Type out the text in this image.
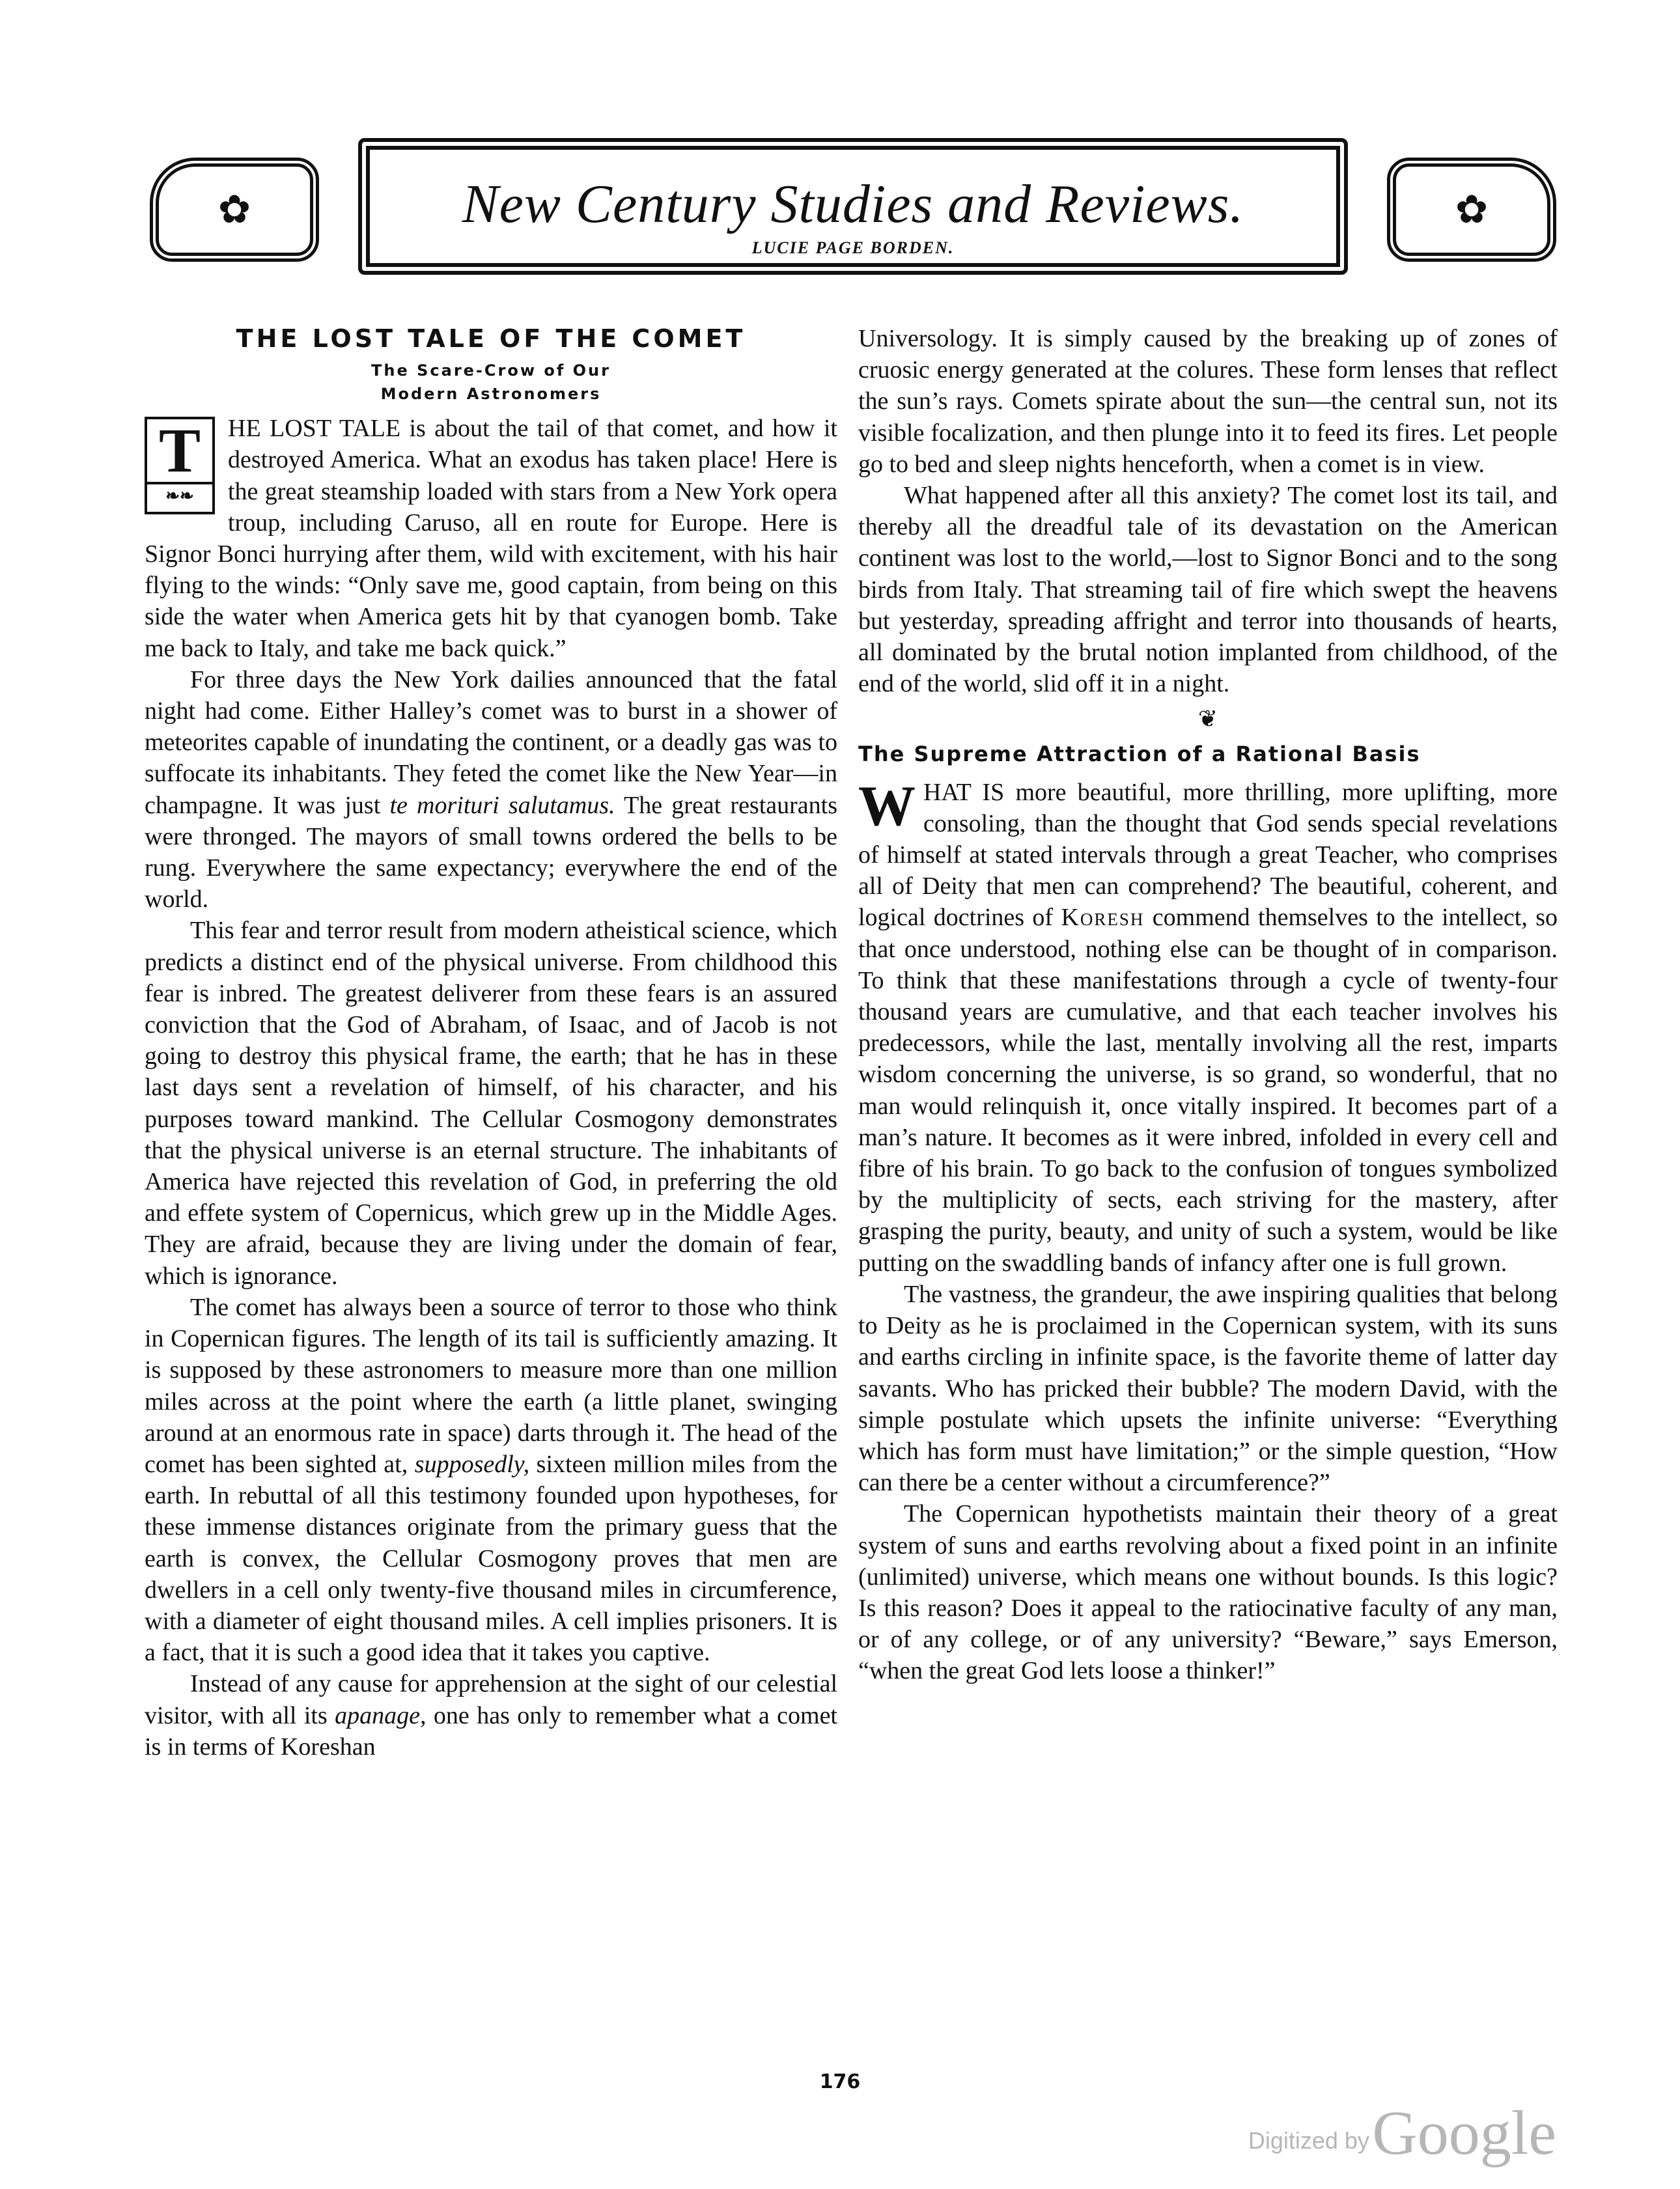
✿	New Century Studies and Reviews.
LUCIE PAGE BORDEN.
✿
THE LOST TALE OF THE COMET
The Scare-Crow of Our
Modern Astronomers

T
❧❧
HE LOST TALE is about the tail of that comet, and how it destroyed America. What an exodus has taken place! Here is the great steamship loaded with stars from a New York opera troup, including Caruso, all en route for Europe. Here is Signor Bonci hurrying after them, wild with excitement, with his hair flying to the winds: “Only save me, good captain, from being on this side the water when America gets hit by that cyanogen bomb. Take me back to Italy, and take me back quick.”

For three days the New York dailies announced that the fatal night had come. Either Halley’s comet was to burst in a shower of meteorites capable of inundating the continent, or a deadly gas was to suffocate its inhabitants. They feted the comet like the New Year—in champagne. It was just te morituri salutamus. The great restaurants were thronged. The mayors of small towns ordered the bells to be rung. Everywhere the same expectancy; everywhere the end of the world.

This fear and terror result from modern atheistical science, which predicts a distinct end of the physical universe. From childhood this fear is inbred. The greatest deliverer from these fears is an assured conviction that the God of Abraham, of Isaac, and of Jacob is not going to destroy this physical frame, the earth; that he has in these last days sent a revelation of himself, of his character, and his purposes toward mankind. The Cellular Cosmogony demonstrates that the physical universe is an eternal structure. The inhabitants of America have rejected this revelation of God, in preferring the old and effete system of Copernicus, which grew up in the Middle Ages. They are afraid, because they are living under the domain of fear, which is ignorance.

The comet has always been a source of terror to those who think in Copernican figures. The length of its tail is sufficiently amazing. It is supposed by these astronomers to measure more than one million miles across at the point where the earth (a little planet, swinging around at an enormous rate in space) darts through it. The head of the comet has been sighted at, supposedly, sixteen million miles from the earth. In rebuttal of all this testimony founded upon hypotheses, for these immense distances originate from the primary guess that the earth is convex, the Cellular Cosmogony proves that men are dwellers in a cell only twenty-five thousand miles in circumference, with a diameter of eight thousand miles. A cell implies prisoners. It is a fact, that it is such a good idea that it takes you captive.

Instead of any cause for apprehension at the sight of our celestial visitor, with all its apanage, one has only to remember what a comet is in terms of Koreshan

Universology. It is simply caused by the breaking up of zones of cruosic energy generated at the colures. These form lenses that reflect the sun’s rays. Comets spirate about the sun—the central sun, not its visible focalization, and then plunge into it to feed its fires. Let people go to bed and sleep nights henceforth, when a comet is in view.

What happened after all this anxiety? The comet lost its tail, and thereby all the dreadful tale of its devastation on the American continent was lost to the world,—lost to Signor Bonci and to the song birds from Italy. That streaming tail of fire which swept the heavens but yesterday, spreading affright and terror into thousands of hearts, all dominated by the brutal notion implanted from childhood, of the end of the world, slid off it in a night.

❦
The Supreme Attraction of a Rational Basis

WHAT IS more beautiful, more thrilling, more uplifting, more consoling, than the thought that God sends special revelations of himself at stated intervals through a great Teacher, who comprises all of Deity that men can comprehend? The beautiful, coherent, and logical doctrines of Koresh commend themselves to the intellect, so that once understood, nothing else can be thought of in comparison. To think that these manifestations through a cycle of twenty-four thousand years are cumulative, and that each teacher involves his predecessors, while the last, mentally involving all the rest, imparts wisdom concerning the universe, is so grand, so wonderful, that no man would relinquish it, once vitally inspired. It becomes part of a man’s nature. It becomes as it were inbred, infolded in every cell and fibre of his brain. To go back to the confusion of tongues symbolized by the multiplicity of sects, each striving for the mastery, after grasping the purity, beauty, and unity of such a system, would be like putting on the swaddling bands of infancy after one is full grown.

The vastness, the grandeur, the awe inspiring qualities that belong to Deity as he is proclaimed in the Copernican system, with its suns and earths circling in infinite space, is the favorite theme of latter day savants. Who has pricked their bubble? The modern David, with the simple postulate which upsets the infinite universe: “Everything which has form must have limitation;” or the simple question, “How can there be a center without a circumference?”

The Copernican hypothetists maintain their theory of a great system of suns and earths revolving about a fixed point in an infinite (unlimited) universe, which means one without bounds. Is this logic? Is this reason? Does it appeal to the ratiocinative faculty of any man, or of any college, or of any university? “Beware,” says Emerson, “when the great God lets loose a thinker!”

176
Digitized by Google
